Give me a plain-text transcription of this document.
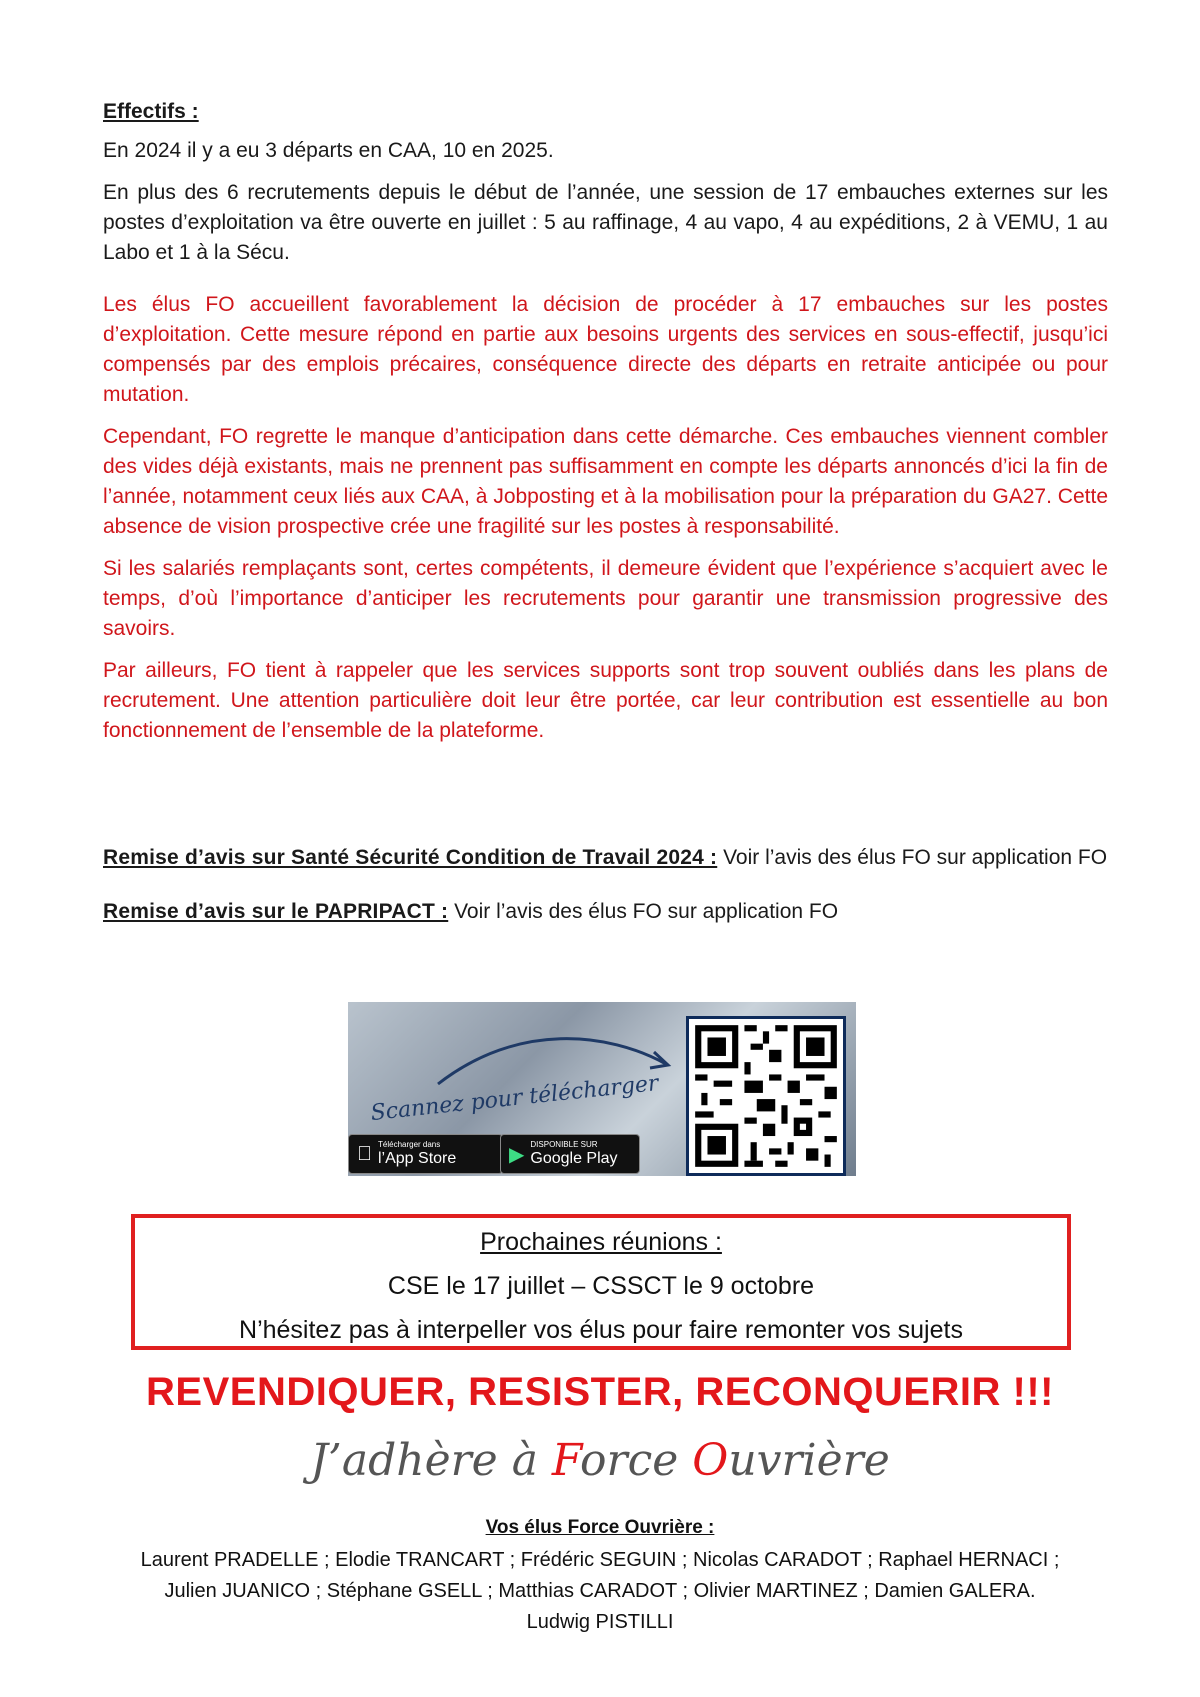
Effectifs :

En 2024 il y a eu 3 départs en CAA, 10 en 2025.

En plus des 6 recrutements depuis le début de l’année, une session de 17 embauches externes sur les postes d’exploitation va être ouverte en juillet : 5 au raffinage, 4 au vapo, 4 au expéditions, 2 à VEMU, 1 au Labo et 1 à la Sécu.

Les élus FO accueillent favorablement la décision de procéder à 17 embauches sur les postes d’exploitation. Cette mesure répond en partie aux besoins urgents des services en sous-effectif, jusqu’ici compensés par des emplois précaires, conséquence directe des départs en retraite anticipée ou pour mutation.

Cependant, FO regrette le manque d’anticipation dans cette démarche. Ces embauches viennent combler des vides déjà existants, mais ne prennent pas suffisamment en compte les départs annoncés d’ici la fin de l’année, notamment ceux liés aux CAA, à Jobposting et à la mobilisation pour la préparation du GA27. Cette absence de vision prospective crée une fragilité sur les postes à responsabilité.

Si les salariés remplaçants sont, certes compétents, il demeure évident que l’expérience s’acquiert avec le temps, d’où l’importance d’anticiper les recrutements pour garantir une transmission progressive des savoirs.

Par ailleurs, FO tient à rappeler que les services supports sont trop souvent oubliés dans les plans de recrutement. Une attention particulière doit leur être portée, car leur contribution est essentielle au bon fonctionnement de l’ensemble de la plateforme.

Remise d’avis sur Santé Sécurité Condition de Travail 2024 : Voir l’avis des élus FO sur application FO

Remise d’avis sur le PAPRIPACT : Voir l’avis des élus FO sur application FO

Scannez pour télécharger
Télécharger dans
l’App Store	▶ DISPONIBLE SUR
Google Play
Prochaines réunions :
CSE le 17 juillet – CSSCT le 9 octobre
N’hésitez pas à interpeller vos élus pour faire remonter vos sujets
REVENDIQUER, RESISTER, RECONQUERIR !!!
J’adhère à Force Ouvrière
Vos élus Force Ouvrière :
Laurent PRADELLE ; Elodie TRANCART ; Frédéric SEGUIN ; Nicolas CARADOT ; Raphael HERNACI ; Julien JUANICO ; Stéphane GSELL ; Matthias CARADOT ; Olivier MARTINEZ ; Damien GALERA. Ludwig PISTILLI
